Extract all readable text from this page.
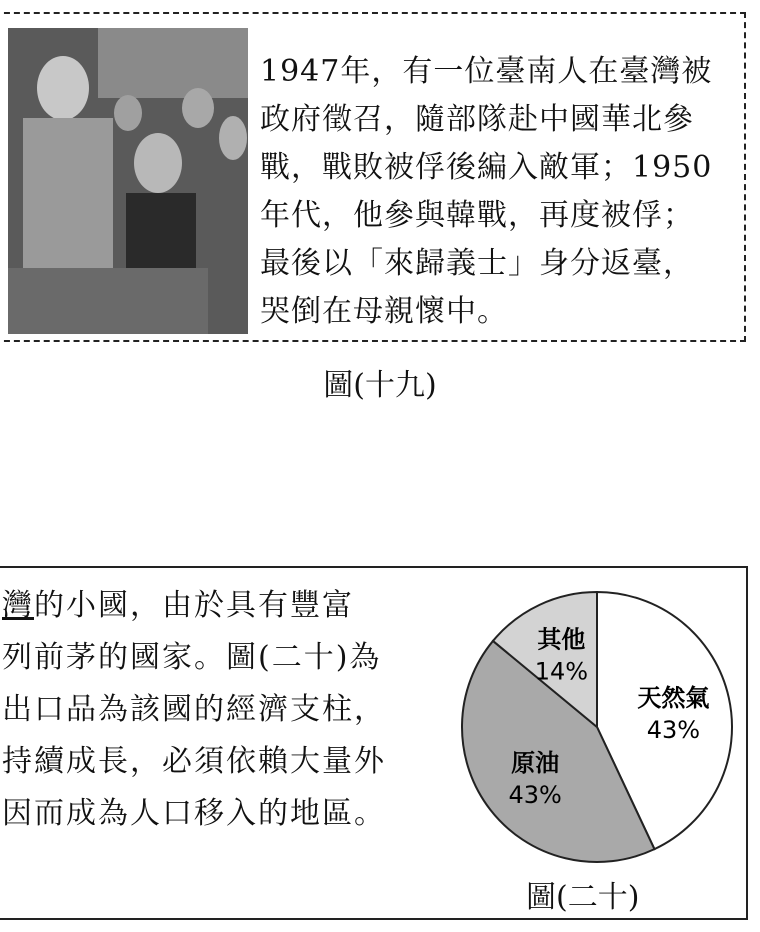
1947年，有一位臺南人在臺灣被
政府徵召，隨部隊赴中國華北參
戰，戰敗被俘後編入敵軍；1950
年代，他參與韓戰，再度被俘；
最後以「來歸義士」身分返臺，
哭倒在母親懷中。

圖(十九)

灣的小國，由於具有豐富
列前茅的國家。圖(二十)為
出口品為該國的經濟支柱，
持續成長，必須依賴大量外
因而成為人口移入的地區。

天然氣
43%
原油
43%
其他
14%
圖(二十)
